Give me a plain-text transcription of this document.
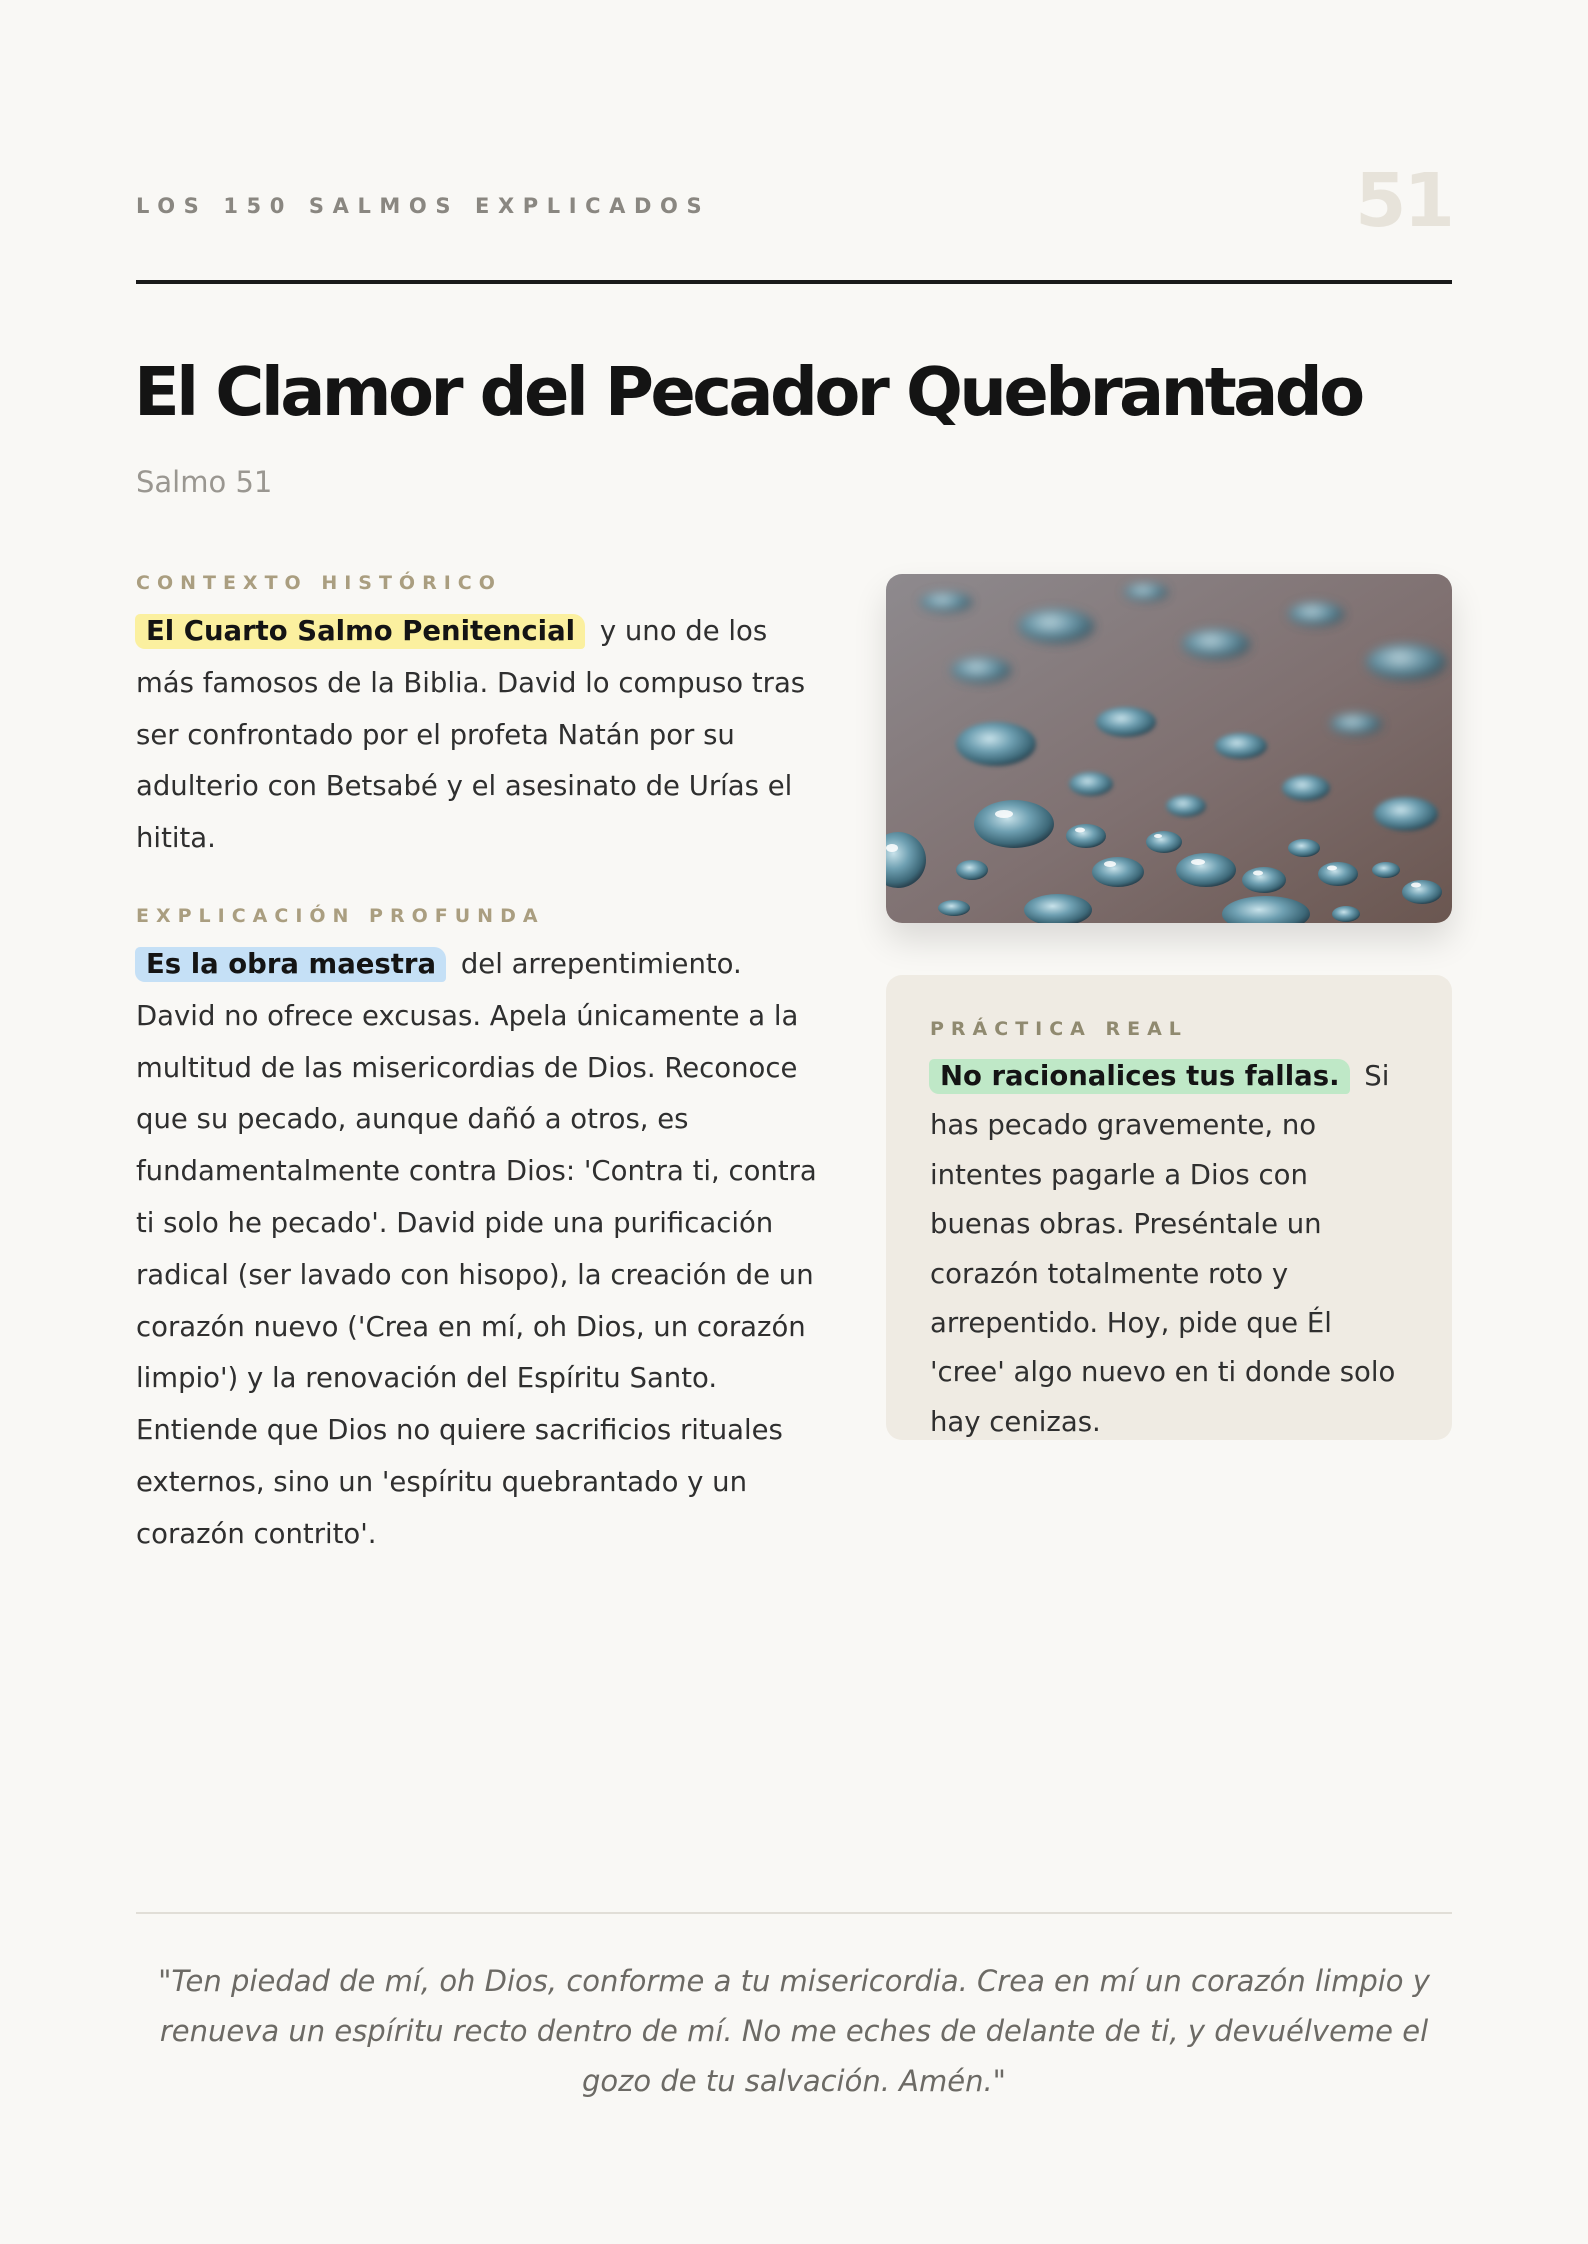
LOS 150 SALMOS EXPLICADOS	51
El Clamor del Pecador Quebrantado
Salmo 51
CONTEXTO HISTÓRICO

El Cuarto Salmo Penitencial y uno de los más famosos de la Biblia. David lo compuso tras ser confrontado por el profeta Natán por su adulterio con Betsabé y el asesinato de Urías el hitita.

EXPLICACIÓN PROFUNDA

Es la obra maestra del arrepentimiento. David no ofrece excusas. Apela únicamente a la multitud de las misericordias de Dios. Reconoce que su pecado, aunque dañó a otros, es fundamentalmente contra Dios: 'Contra ti, contra ti solo he pecado'. David pide una purificación radical (ser lavado con hisopo), la creación de un corazón nuevo ('Crea en mí, oh Dios, un corazón limpio') y la renovación del Espíritu Santo. Entiende que Dios no quiere sacrificios rituales externos, sino un 'espíritu quebrantado y un corazón contrito'.

PRÁCTICA REAL

No racionalices tus fallas. Si has pecado gravemente, no intentes pagarle a Dios con buenas obras. Preséntale un corazón totalmente roto y arrepentido. Hoy, pide que Él 'cree' algo nuevo en ti donde solo hay cenizas.

"Ten piedad de mí, oh Dios, conforme a tu misericordia. Crea en mí un corazón limpio y renueva un espíritu recto dentro de mí. No me eches de delante de ti, y devuélveme el gozo de tu salvación. Amén."
